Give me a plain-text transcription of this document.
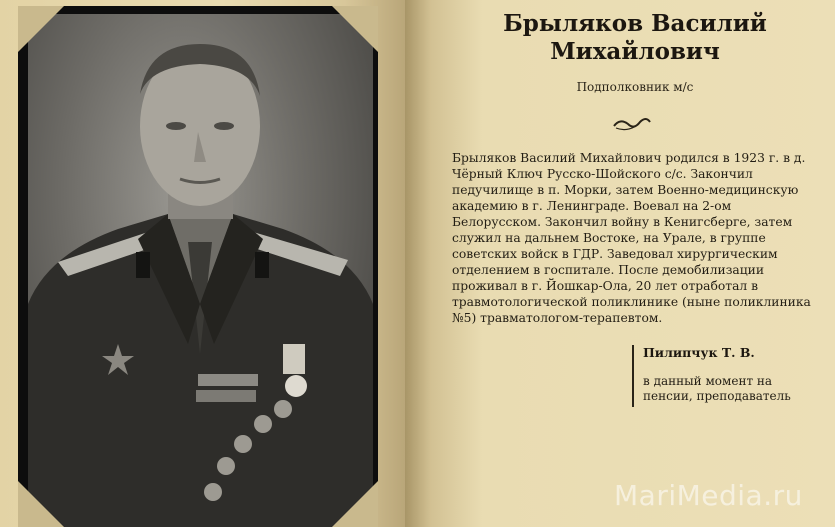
Брыляков Василий Михайлович
Подполковник м/с
Брыляков Василий Михайлович родился в 1923 г. в д. Чёрный Ключ Русско-Шойского с/с. Закончил педучилище в п. Морки, затем Военно-медицинскую академию в г. Ленинграде. Воевал на 2-ом Белорусском. Закончил войну в Кенигсберге, затем служил на дальнем Востоке, на Урале, в группе советских войск в ГДР. Заведовал хирургическим отделением в госпитале. После демобилизации проживал в г. Йошкар-Ола, 20 лет отработал в травмотологической поликлинике (ныне поликлиника №5) травматологом-терапевтом.
Пилипчук Т. В.
в данный момент на пенсии, преподаватель
MariMedia.ru
